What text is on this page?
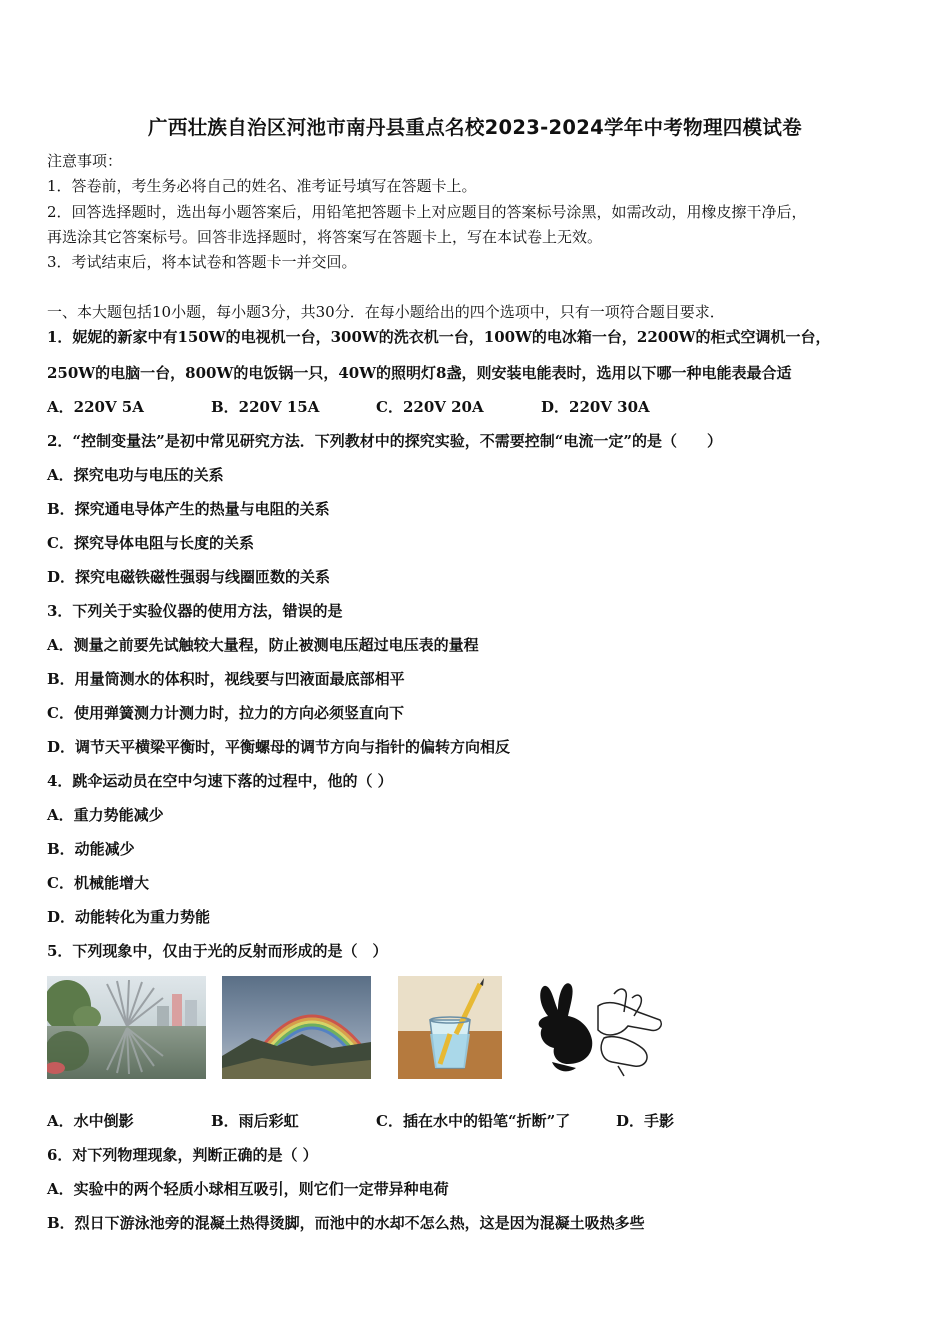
广西壮族自治区河池市南丹县重点名校2023-2024学年中考物理四模试卷
注意事项：
1．答卷前，考生务必将自己的姓名、准考证号填写在答题卡上。
2．回答选择题时，选出每小题答案后，用铅笔把答题卡上对应题目的答案标号涂黑，如需改动，用橡皮擦干净后，
再选涂其它答案标号。回答非选择题时，将答案写在答题卡上，写在本试卷上无效。
3．考试结束后，将本试卷和答题卡一并交回。
一、本大题包括10小题，每小题3分，共30分．在每小题给出的四个选项中，只有一项符合题目要求．
1．妮妮的新家中有150W的电视机一台，300W的洗衣机一台，100W的电冰箱一台，2200W的柜式空调机一台，
250W的电脑一台，800W的电饭锅一只，40W的照明灯8盏，则安装电能表时，选用以下哪一种电能表最合适
A．220V 5A	B．220V 15A	C．220V 20A	D．220V 30A
2．“控制变量法”是初中常见研究方法．下列教材中的探究实验，不需要控制“电流一定”的是（　　）
A．探究电功与电压的关系
B．探究通电导体产生的热量与电阻的关系
C．探究导体电阻与长度的关系
D．探究电磁铁磁性强弱与线圈匝数的关系
3．下列关于实验仪器的使用方法，错误的是
A．测量之前要先试触较大量程，防止被测电压超过电压表的量程
B．用量筒测水的体积时，视线要与凹液面最底部相平
C．使用弹簧测力计测力时，拉力的方向必须竖直向下
D．调节天平横梁平衡时，平衡螺母的调节方向与指针的偏转方向相反
4．跳伞运动员在空中匀速下落的过程中，他的（ ）
A．重力势能减少
B．动能减少
C．机械能增大
D．动能转化为重力势能
5．下列现象中，仅由于光的反射而形成的是（　）
A．水中倒影	B．雨后彩虹	C．插在水中的铅笔“折断”了	D．手影
6．对下列物理现象，判断正确的是（ ）
A．实验中的两个轻质小球相互吸引，则它们一定带异种电荷
B．烈日下游泳池旁的混凝土热得烫脚，而池中的水却不怎么热，这是因为混凝土吸热多些
